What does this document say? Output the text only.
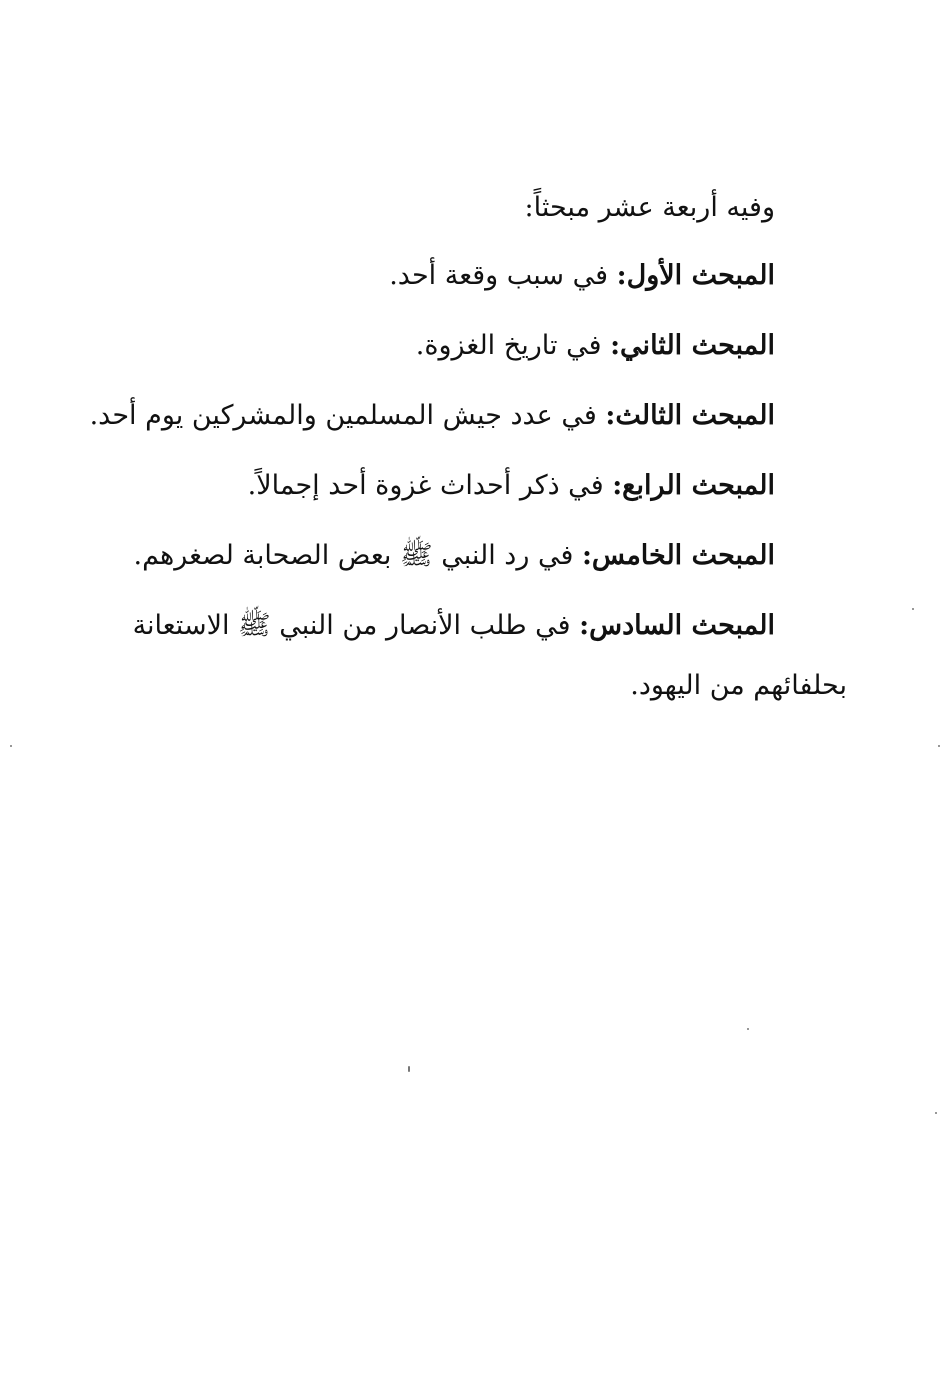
وفيه أربعة عشر مبحثاً:
المبحث الأول: في سبب وقعة أحد.
المبحث الثاني: في تاريخ الغزوة.
المبحث الثالث: في عدد جيش المسلمين والمشركين يوم أحد.
المبحث الرابع: في ذكر أحداث غزوة أحد إجمالاً.
المبحث الخامس: في رد النبي ﷺ بعض الصحابة لصغرهم.
المبحث السادس: في طلب الأنصار من النبي ﷺ الاستعانة
بحلفائهم من اليهود.
